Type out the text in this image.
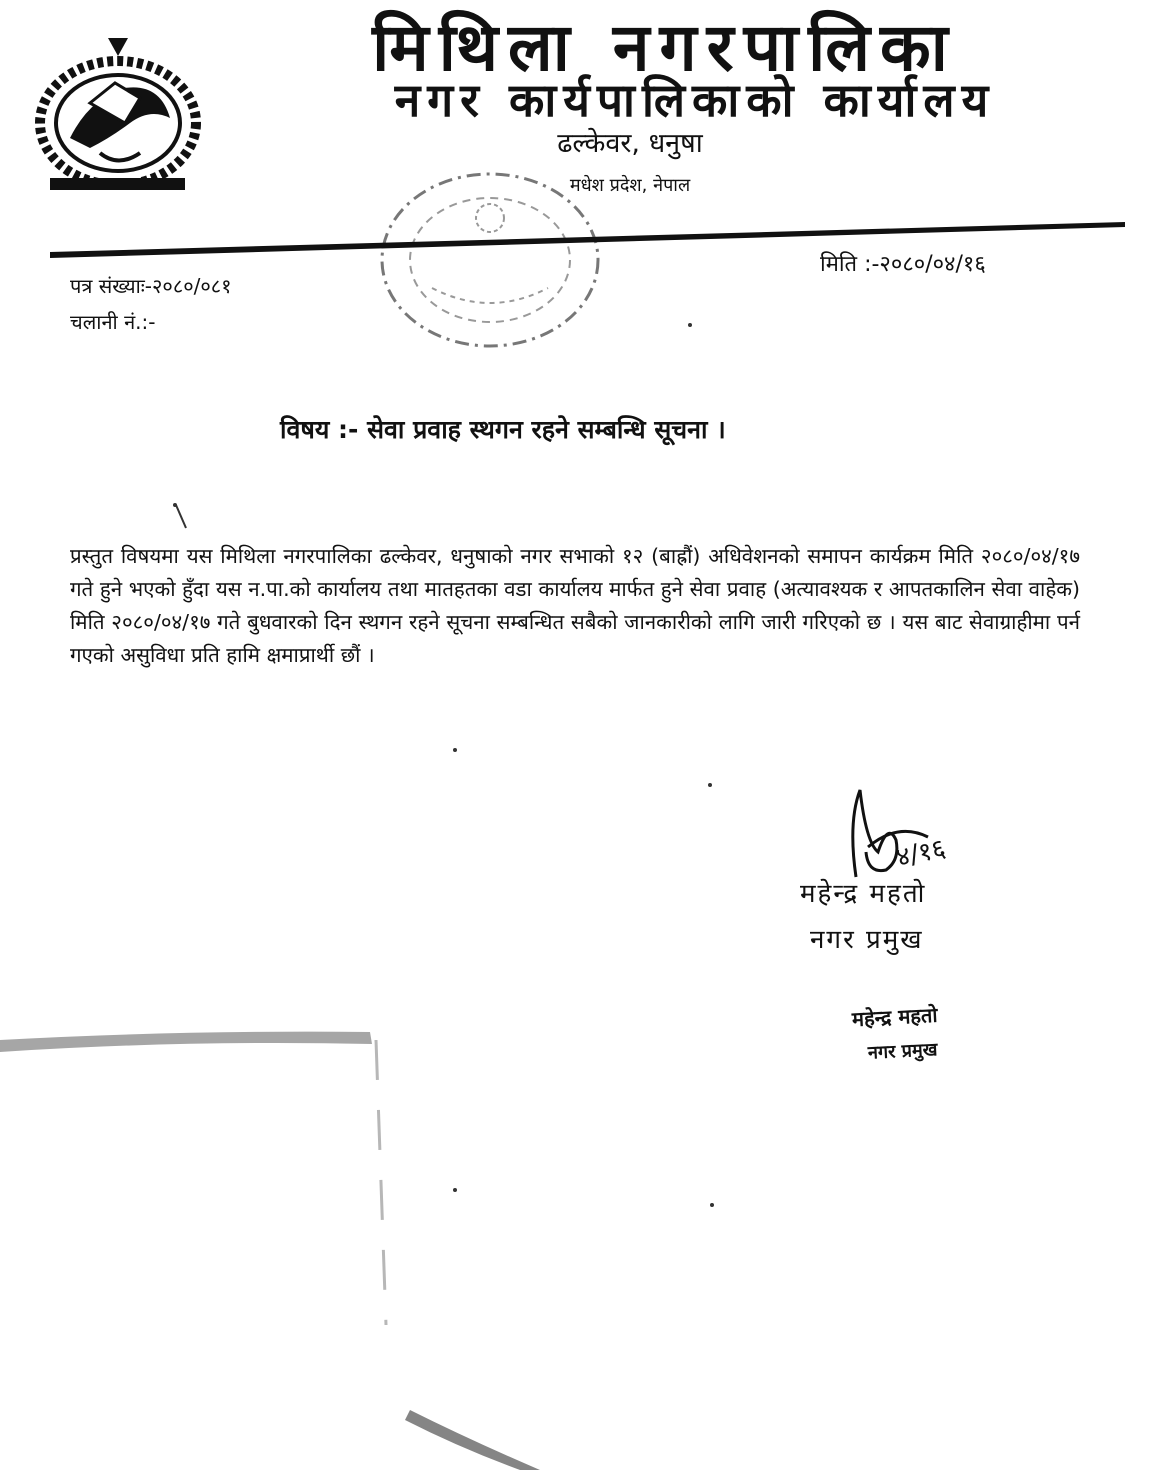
मिथिला नगरपालिका
नगर कार्यपालिकाको कार्यालय
ढल्केवर, धनुषा
मधेश प्रदेश, नेपाल
मिति :-२०८०/०४/१६
पत्र संख्याः-२०८०/०८१
चलानी नं.:-
विषय :- सेवा प्रवाह स्थगन रहने सम्बन्धि सूचना ।

प्रस्तुत विषयमा यस मिथिला नगरपालिका ढल्केवर, धनुषाको नगर सभाको १२ (बाह्रौं) अधिवेशनको समापन कार्यक्रम मिति २०८०/०४/१७ गते हुने भएको हुँदा यस न.पा.को कार्यालय तथा मातहतका वडा कार्यालय मार्फत हुने सेवा प्रवाह (अत्यावश्यक र आपतकालिन सेवा वाहेक) मिति २०८०/०४/१७ गते बुधवारको दिन स्थगन रहने सूचना सम्बन्धित सबैको जानकारीको लागि जारी गरिएको छ । यस बाट सेवाग्राहीमा पर्न गएको असुविधा प्रति हामि क्षमाप्रार्थी छौं ।

४/१६
महेन्द्र महतो
नगर प्रमुख
महेन्द्र महतो
नगर प्रमुख
